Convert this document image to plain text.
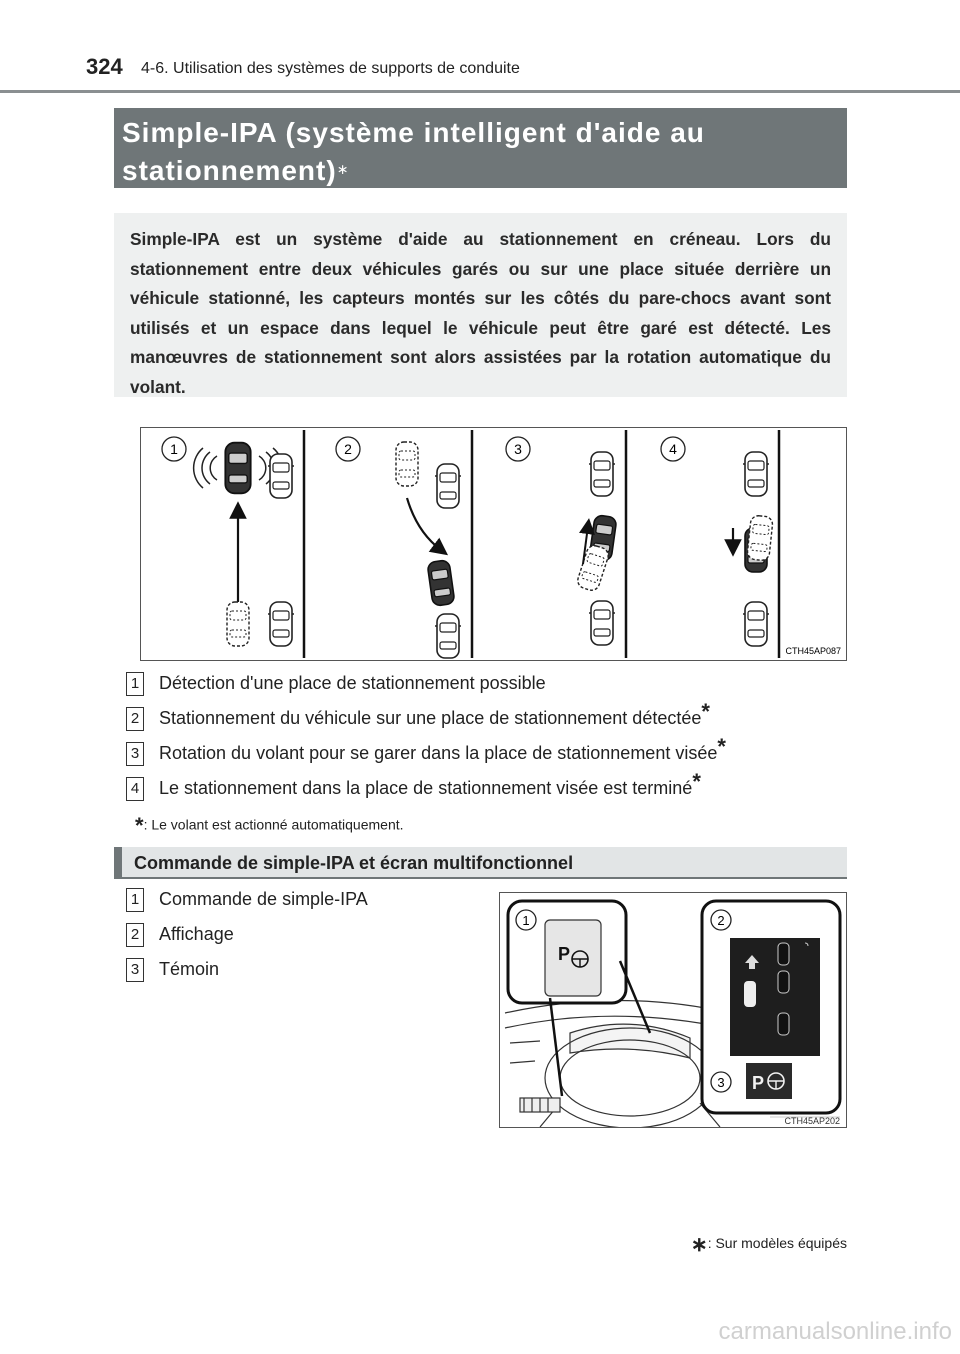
324 4-6. Utilisation des systèmes de supports de conduite
Simple-IPA (système intelligent d'aide au stationnement)∗
Simple-IPA est un système d'aide au stationnement en créneau. Lors du stationnement entre deux véhicules garés ou sur une place située derrière un véhicule stationné, les capteurs montés sur les côtés du pare-chocs avant sont utilisés et un espace dans lequel le véhicule peut être garé est détecté. Les manœuvres de stationnement sont alors assistées par la rotation automatique du volant.
1	2	3	4
CTH45AP087
1 Détection d'une place de stationnement possible
2 Stationnement du véhicule sur une place de stationnement détectée*
3 Rotation du volant pour se garer dans la place de stationnement visée*
4 Le stationnement dans la place de stationnement visée est terminé*
*: Le volant est actionné automatiquement.
Commande de simple-IPA et écran multifonctionnel
1 Commande de simple-IPA
2 Affichage
3 Témoin
1
P
2
3 P
CTH45AP202
∗: Sur modèles équipés
carmanualsonline.info
